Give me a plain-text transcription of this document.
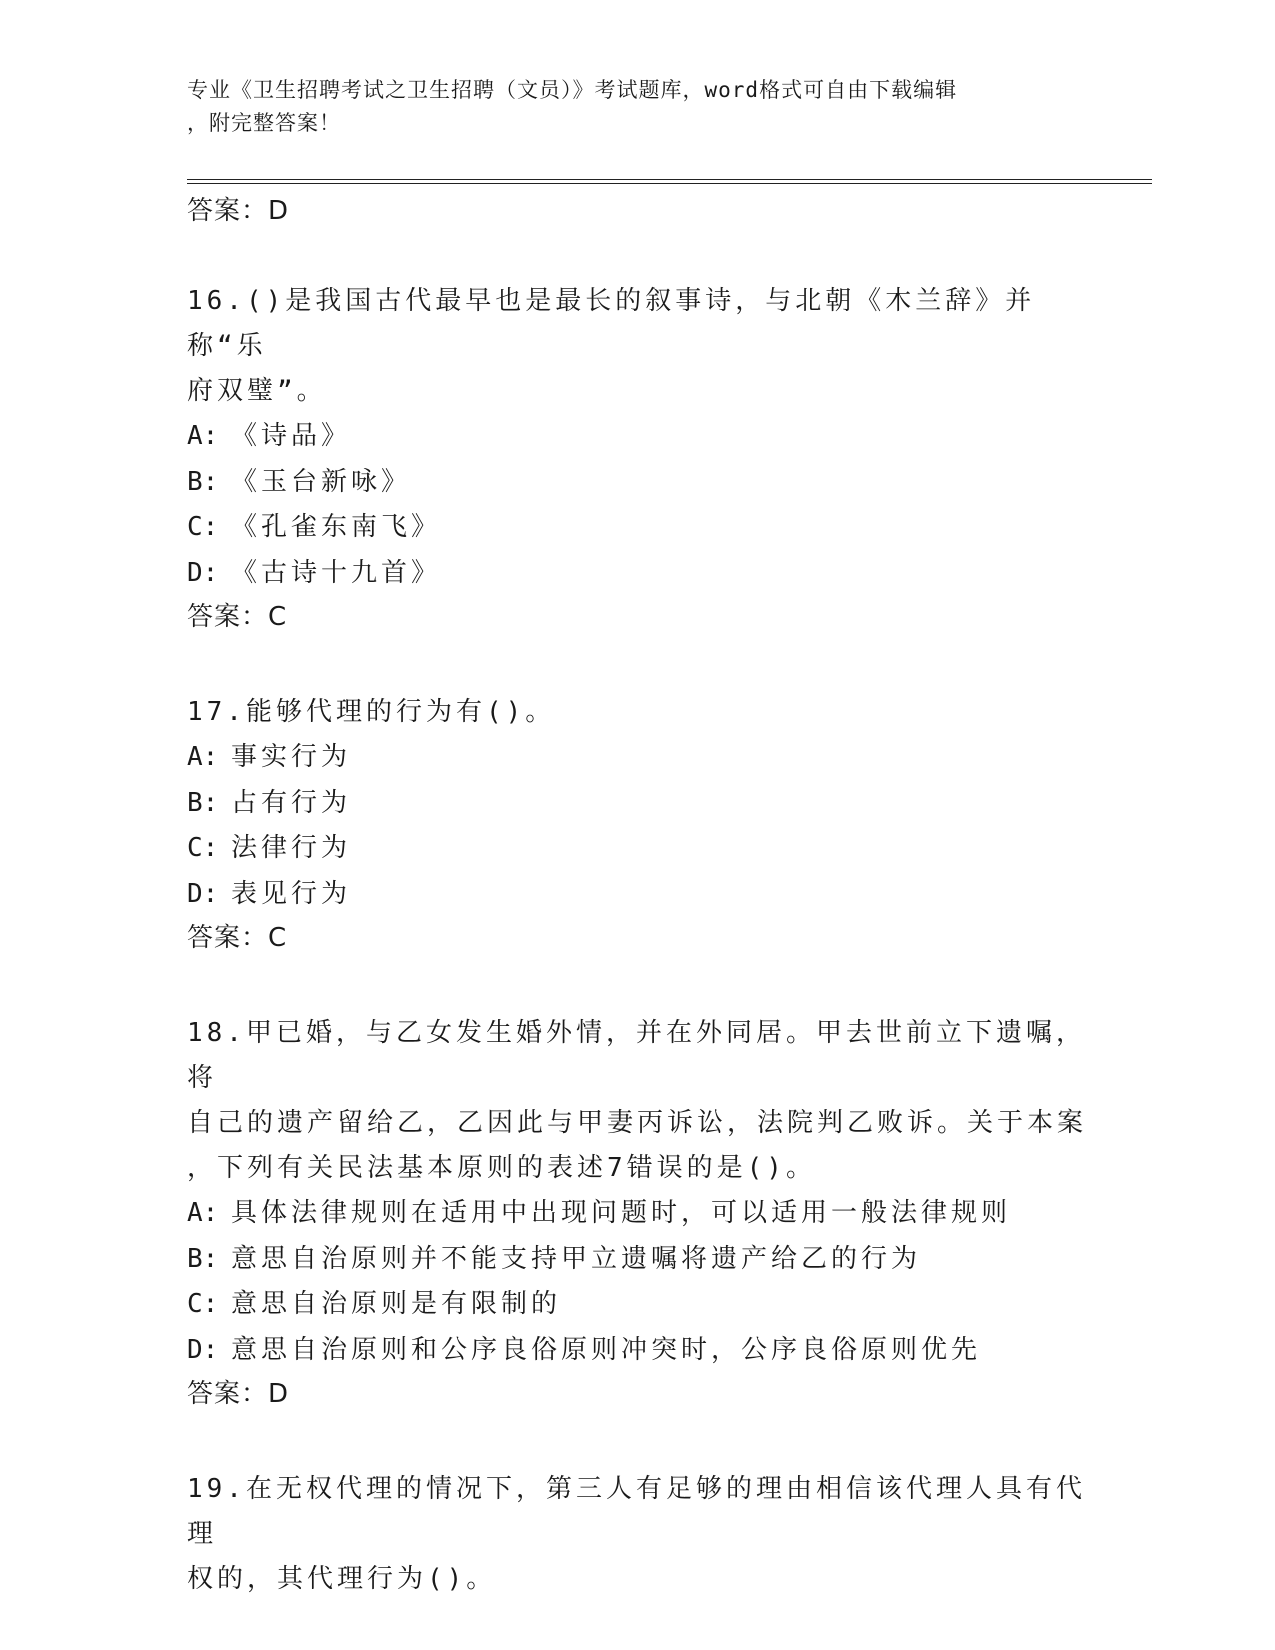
专业《卫生招聘考试之卫生招聘（文员）》考试题库，word格式可自由下载编辑
，附完整答案！
答案：D
16.()是我国古代最早也是最长的叙事诗，与北朝《木兰辞》并称“乐
府双璧”。
A: 《诗品》
B: 《玉台新咏》
C: 《孔雀东南飞》
D: 《古诗十九首》
答案：C
17.能够代理的行为有()。
A: 事实行为
B: 占有行为
C: 法律行为
D: 表见行为
答案：C
18.甲已婚，与乙女发生婚外情，并在外同居。甲去世前立下遗嘱，将
自己的遗产留给乙，乙因此与甲妻丙诉讼，法院判乙败诉。关于本案
，下列有关民法基本原则的表述7错误的是()。
A: 具体法律规则在适用中出现问题时，可以适用一般法律规则
B: 意思自治原则并不能支持甲立遗嘱将遗产给乙的行为
C: 意思自治原则是有限制的
D: 意思自治原则和公序良俗原则冲突时，公序良俗原则优先
答案：D
19.在无权代理的情况下，第三人有足够的理由相信该代理人具有代理
权的，其代理行为()。
